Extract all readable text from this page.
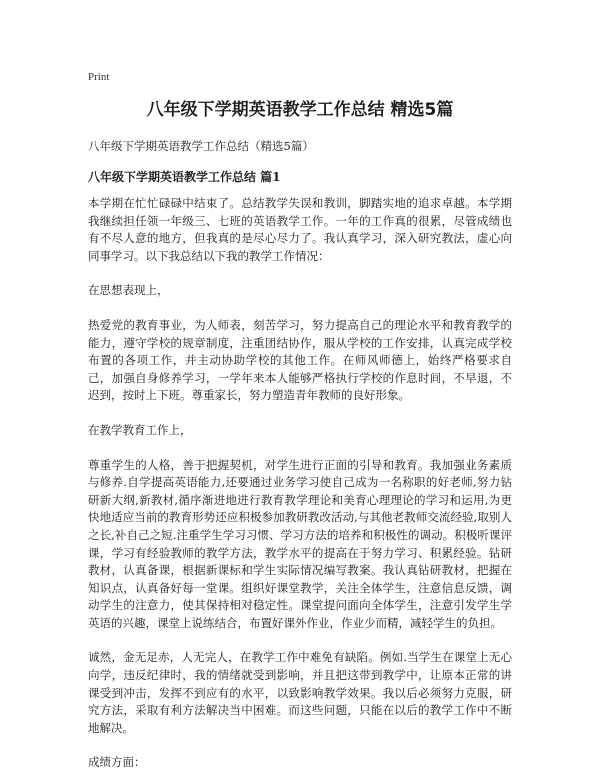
Print
八年级下学期英语教学工作总结 精选5篇
八年级下学期英语教学工作总结（精选5篇）
八年级下学期英语教学工作总结 篇1

本学期在忙忙碌碌中结束了。总结教学失误和教训，脚踏实地的追求卓越。本学期我继续担任领一年级三、七班的英语教学工作。一年的工作真的很累，尽管成绩也有不尽人意的地方，但我真的是尽心尽力了。我认真学习，深入研究教法，虚心向同事学习。以下我总结以下我的教学工作情况：

在思想表现上，

热爱党的教育事业，为人师表，刻苦学习，努力提高自己的理论水平和教育教学的能力，遵守学校的规章制度，注重团结协作，服从学校的工作安排，认真完成学校布置的各项工作，并主动协助学校的其他工作。在师风师德上，始终严格要求自己，加强自身修养学习，一学年来本人能够严格执行学校的作息时间，不早退，不迟到，按时上下班。尊重家长，努力塑造青年教师的良好形象。

在教学教育工作上，

尊重学生的人格，善于把握契机，对学生进行正面的引导和教育。我加强业务素质与修养.自学提高英语能力,还要通过业务学习使自己成为一名称职的好老师,努力钻研新大纲,新教材,循序渐进地进行教育教学理论和美育心理理论的学习和运用,为更快地适应当前的教育形势还应积极参加教研教改活动,与其他老教师交流经验,取别人之长,补自己之短.注重学生学习习惯、学习方法的培养和积极性的调动。积极听课评课，学习有经验教师的教学方法，教学水平的提高在于努力学习、积累经验。钻研教材，认真备课，根据新课标和学生实际情况编写教案。我认真钻研教材，把握在知识点，认真备好每一堂课。组织好课堂教学，关注全体学生，注意信息反馈，调动学生的注意力，使其保持相对稳定性。课堂提问面向全体学生，注意引发学生学英语的兴趣，课堂上说练结合，布置好课外作业，作业少而精，减轻学生的负担。

诚然，金无足赤，人无完人，在教学工作中难免有缺陷。例如.当学生在课堂上无心向学，违反纪律时，我的情绪就受到影响，并且把这带到教学中，让原本正常的讲课受到冲击，发挥不到应有的水平，以致影响教学效果。我以后必须努力克服，研究方法，采取有利方法解决当中困难。而这些问题，只能在以后的教学工作中不断地解决。

成绩方面：
